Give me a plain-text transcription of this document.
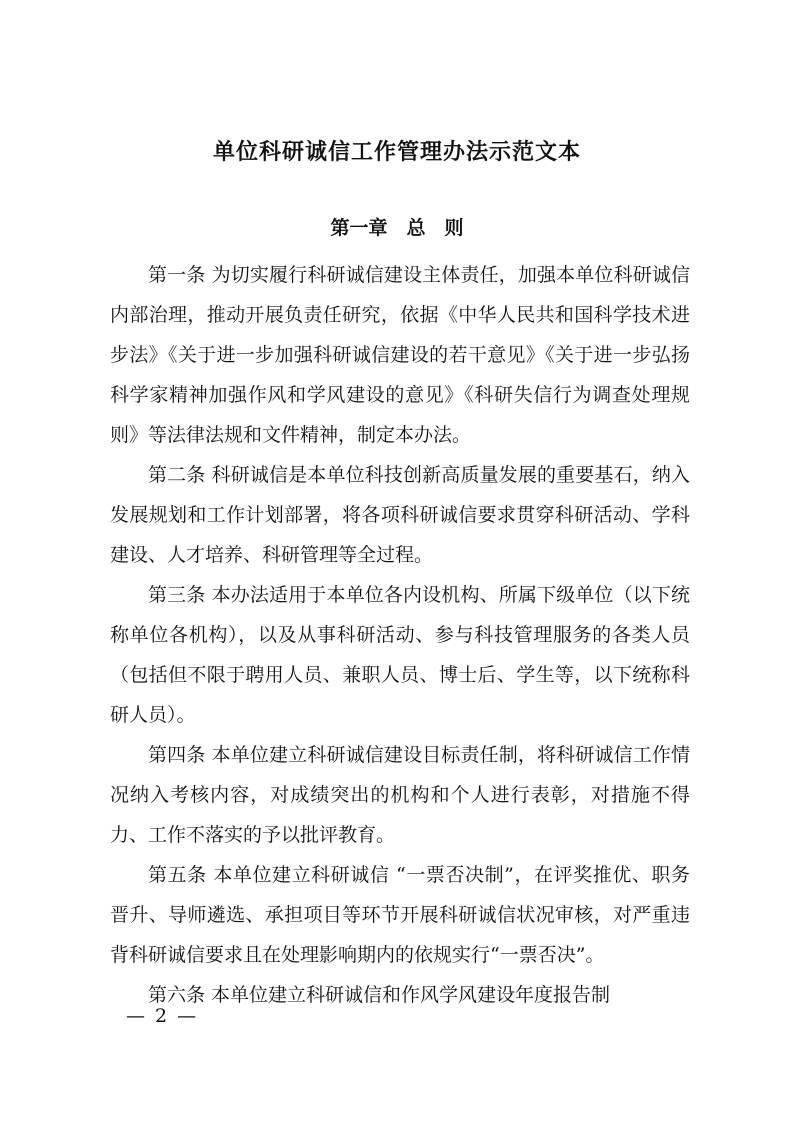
单位科研诚信工作管理办法示范文本
第一章　总　则

第一条 为切实履行科研诚信建设主体责任，加强本单位科研诚信内部治理，推动开展负责任研究，依据《中华人民共和国科学技术进步法》《关于进一步加强科研诚信建设的若干意见》《关于进一步弘扬科学家精神加强作风和学风建设的意见》《科研失信行为调查处理规则》等法律法规和文件精神，制定本办法。

第二条 科研诚信是本单位科技创新高质量发展的重要基石，纳入发展规划和工作计划部署，将各项科研诚信要求贯穿科研活动、学科建设、人才培养、科研管理等全过程。

第三条 本办法适用于本单位各内设机构、所属下级单位（以下统称单位各机构），以及从事科研活动、参与科技管理服务的各类人员（包括但不限于聘用人员、兼职人员、博士后、学生等，以下统称科研人员）。

第四条 本单位建立科研诚信建设目标责任制，将科研诚信工作情况纳入考核内容，对成绩突出的机构和个人进行表彰，对措施不得力、工作不落实的予以批评教育。

第五条 本单位建立科研诚信 “一票否决制”，在评奖推优、职务晋升、导师遴选、承担项目等环节开展科研诚信状况审核，对严重违背科研诚信要求且在处理影响期内的依规实行“一票否决”。

第六条 本单位建立科研诚信和作风学风建设年度报告制

— 2 —
